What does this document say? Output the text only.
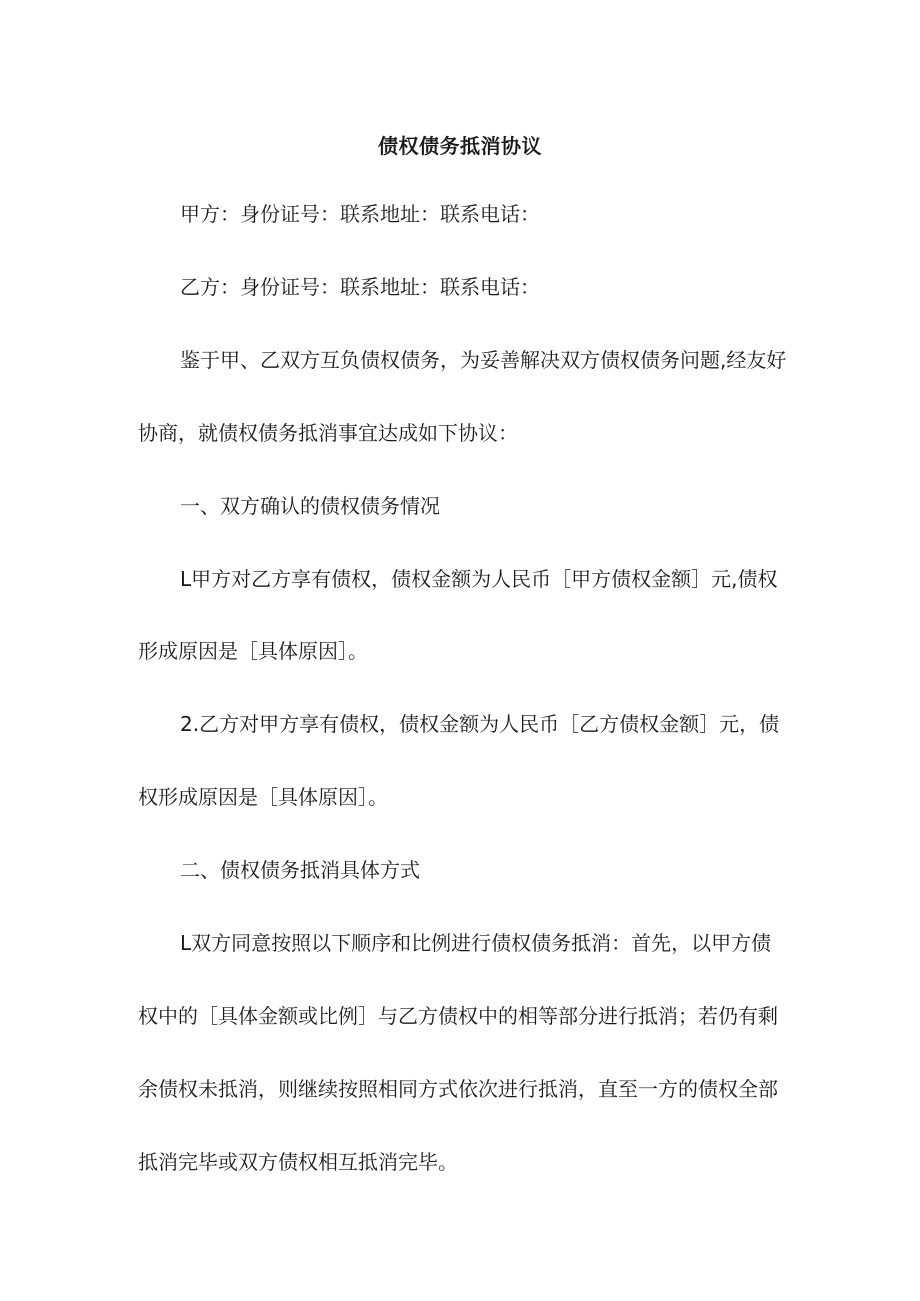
债权债务抵消协议
甲方：身份证号：联系地址：联系电话：
乙方：身份证号：联系地址：联系电话：
鉴于甲、乙双方互负债权债务，为妥善解决双方债权债务问题,经友好
协商，就债权债务抵消事宜达成如下协议：
一、双方确认的债权债务情况
L甲方对乙方享有债权，债权金额为人民币［甲方债权金额］元,债权
形成原因是［具体原因］。
2.乙方对甲方享有债权，债权金额为人民币［乙方债权金额］元，债
权形成原因是［具体原因］。
二、债权债务抵消具体方式
L双方同意按照以下顺序和比例进行债权债务抵消：首先，以甲方债
权中的［具体金额或比例］与乙方债权中的相等部分进行抵消；若仍有剩
余债权未抵消，则继续按照相同方式依次进行抵消，直至一方的债权全部
抵消完毕或双方债权相互抵消完毕。
